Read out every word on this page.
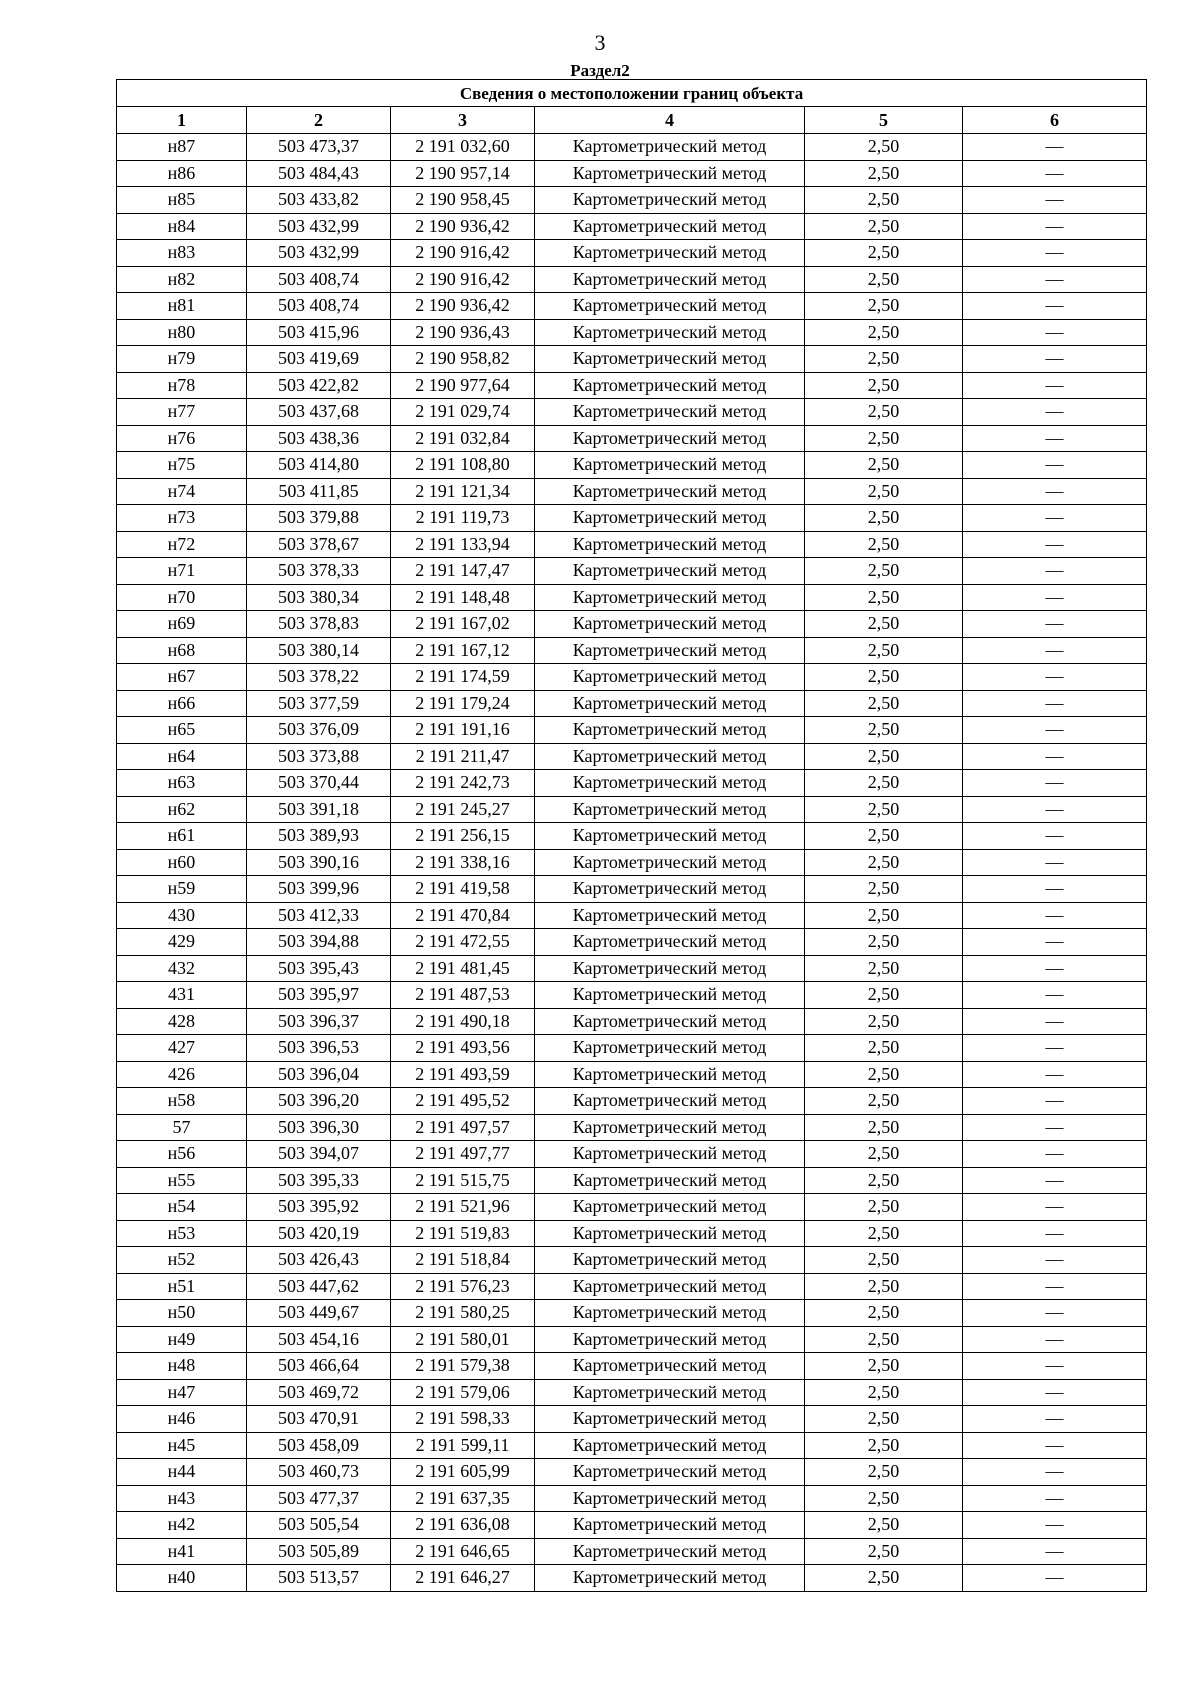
3
Раздел2
Сведения о местоположении границ объекта					
1	2	3	4	5	6
н87	503 473,37	2 191 032,60	Картометрический метод	2,50	—
н86	503 484,43	2 190 957,14	Картометрический метод	2,50	—
н85	503 433,82	2 190 958,45	Картометрический метод	2,50	—
н84	503 432,99	2 190 936,42	Картометрический метод	2,50	—
н83	503 432,99	2 190 916,42	Картометрический метод	2,50	—
н82	503 408,74	2 190 916,42	Картометрический метод	2,50	—
н81	503 408,74	2 190 936,42	Картометрический метод	2,50	—
н80	503 415,96	2 190 936,43	Картометрический метод	2,50	—
н79	503 419,69	2 190 958,82	Картометрический метод	2,50	—
н78	503 422,82	2 190 977,64	Картометрический метод	2,50	—
н77	503 437,68	2 191 029,74	Картометрический метод	2,50	—
н76	503 438,36	2 191 032,84	Картометрический метод	2,50	—
н75	503 414,80	2 191 108,80	Картометрический метод	2,50	—
н74	503 411,85	2 191 121,34	Картометрический метод	2,50	—
н73	503 379,88	2 191 119,73	Картометрический метод	2,50	—
н72	503 378,67	2 191 133,94	Картометрический метод	2,50	—
н71	503 378,33	2 191 147,47	Картометрический метод	2,50	—
н70	503 380,34	2 191 148,48	Картометрический метод	2,50	—
н69	503 378,83	2 191 167,02	Картометрический метод	2,50	—
н68	503 380,14	2 191 167,12	Картометрический метод	2,50	—
н67	503 378,22	2 191 174,59	Картометрический метод	2,50	—
н66	503 377,59	2 191 179,24	Картометрический метод	2,50	—
н65	503 376,09	2 191 191,16	Картометрический метод	2,50	—
н64	503 373,88	2 191 211,47	Картометрический метод	2,50	—
н63	503 370,44	2 191 242,73	Картометрический метод	2,50	—
н62	503 391,18	2 191 245,27	Картометрический метод	2,50	—
н61	503 389,93	2 191 256,15	Картометрический метод	2,50	—
н60	503 390,16	2 191 338,16	Картометрический метод	2,50	—
н59	503 399,96	2 191 419,58	Картометрический метод	2,50	—
430	503 412,33	2 191 470,84	Картометрический метод	2,50	—
429	503 394,88	2 191 472,55	Картометрический метод	2,50	—
432	503 395,43	2 191 481,45	Картометрический метод	2,50	—
431	503 395,97	2 191 487,53	Картометрический метод	2,50	—
428	503 396,37	2 191 490,18	Картометрический метод	2,50	—
427	503 396,53	2 191 493,56	Картометрический метод	2,50	—
426	503 396,04	2 191 493,59	Картометрический метод	2,50	—
н58	503 396,20	2 191 495,52	Картометрический метод	2,50	—
57	503 396,30	2 191 497,57	Картометрический метод	2,50	—
н56	503 394,07	2 191 497,77	Картометрический метод	2,50	—
н55	503 395,33	2 191 515,75	Картометрический метод	2,50	—
н54	503 395,92	2 191 521,96	Картометрический метод	2,50	—
н53	503 420,19	2 191 519,83	Картометрический метод	2,50	—
н52	503 426,43	2 191 518,84	Картометрический метод	2,50	—
н51	503 447,62	2 191 576,23	Картометрический метод	2,50	—
н50	503 449,67	2 191 580,25	Картометрический метод	2,50	—
н49	503 454,16	2 191 580,01	Картометрический метод	2,50	—
н48	503 466,64	2 191 579,38	Картометрический метод	2,50	—
н47	503 469,72	2 191 579,06	Картометрический метод	2,50	—
н46	503 470,91	2 191 598,33	Картометрический метод	2,50	—
н45	503 458,09	2 191 599,11	Картометрический метод	2,50	—
н44	503 460,73	2 191 605,99	Картометрический метод	2,50	—
н43	503 477,37	2 191 637,35	Картометрический метод	2,50	—
н42	503 505,54	2 191 636,08	Картометрический метод	2,50	—
н41	503 505,89	2 191 646,65	Картометрический метод	2,50	—
н40	503 513,57	2 191 646,27	Картометрический метод	2,50	—
